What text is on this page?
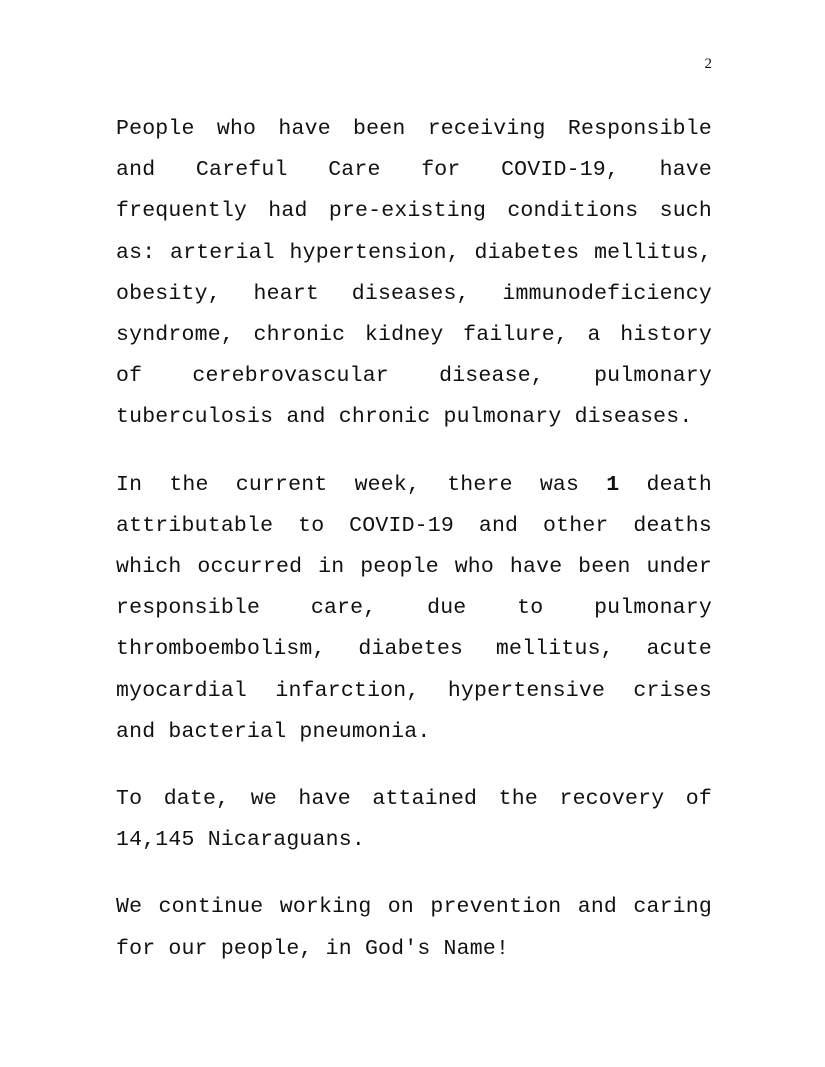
2

People who have been receiving Responsible and Careful Care for COVID-19, have frequently had pre-existing conditions such as: arterial hypertension, diabetes mellitus, obesity, heart diseases, immunodeficiency syndrome, chronic kidney failure, a history of cerebrovascular disease, pulmonary tuberculosis and chronic pulmonary diseases.

In the current week, there was 1 death attributable to COVID-19 and other deaths which occurred in people who have been under responsible care, due to pulmonary thromboembolism, diabetes mellitus, acute myocardial infarction, hypertensive crises and bacterial pneumonia.

To date, we have attained the recovery of 14,145 Nicaraguans.

We continue working on prevention and caring for our people, in God's Name!
